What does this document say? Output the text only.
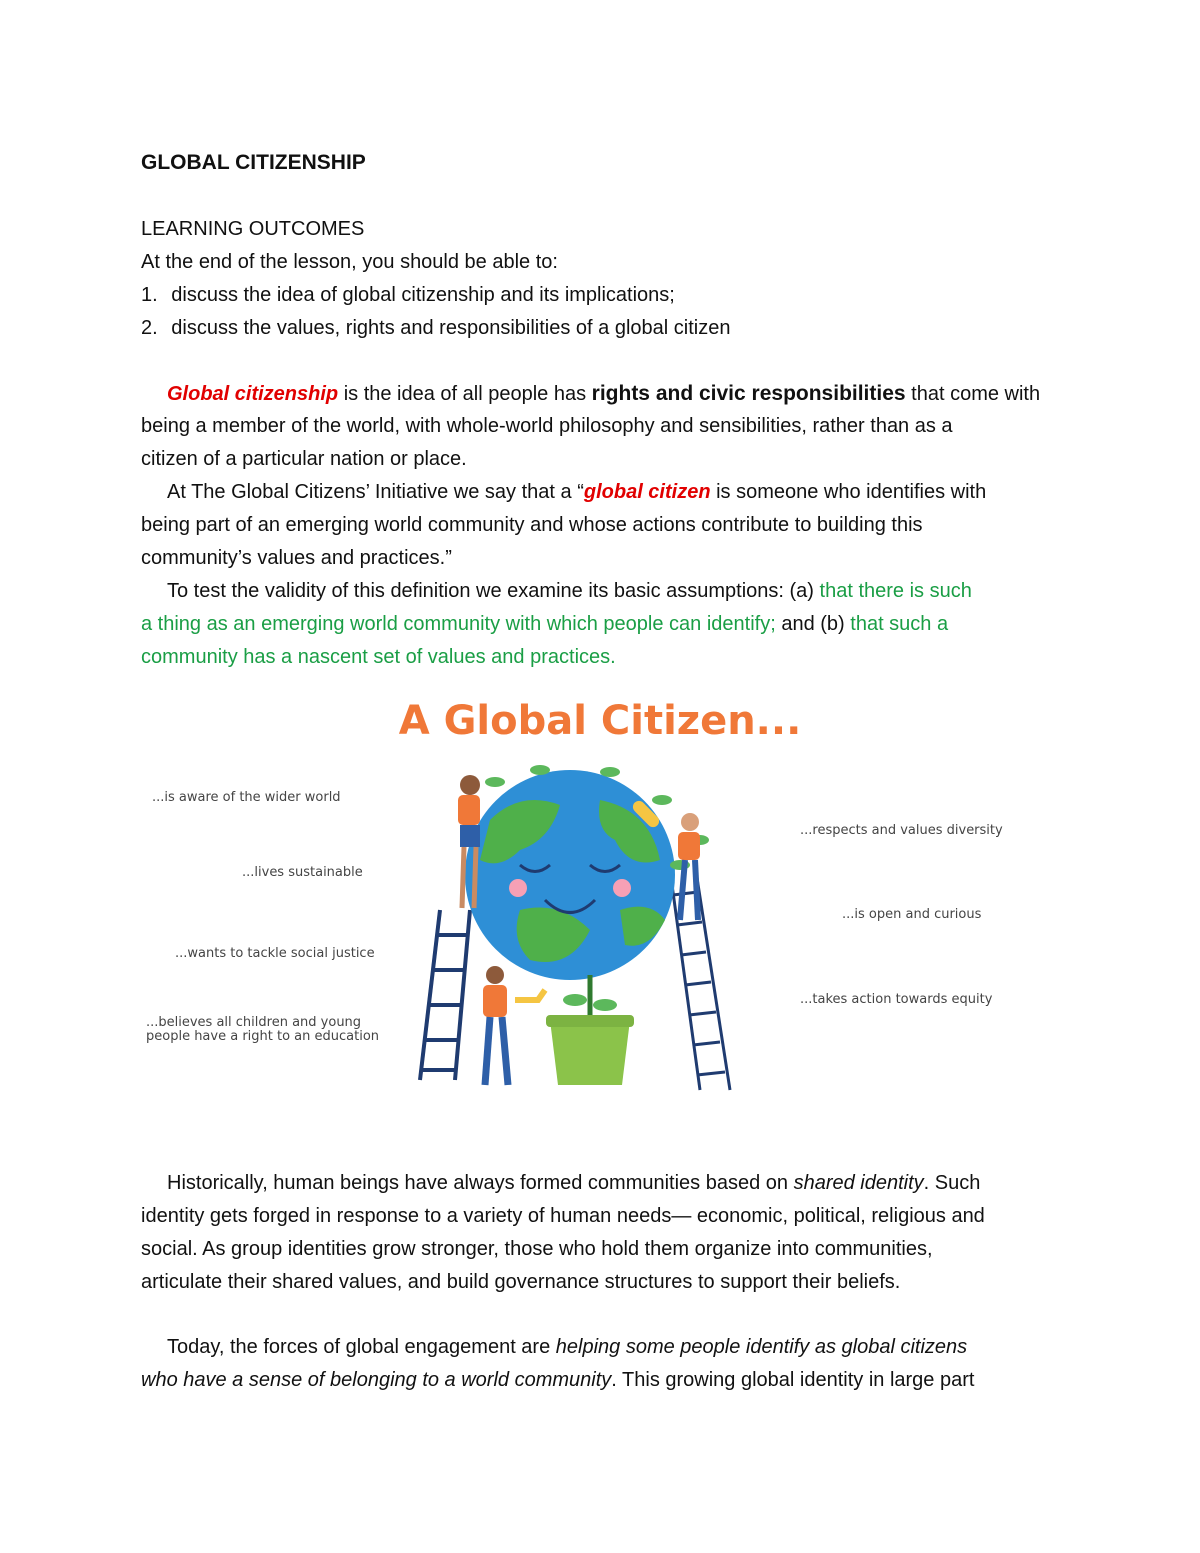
GLOBAL CITIZENSHIP
LEARNING OUTCOMES
At the end of the lesson, you should be able to:
1. discuss the idea of global citizenship and its implications;
2. discuss the values, rights and responsibilities of a global citizen
Global citizenship is the idea of all people has rights and civic responsibilities that come with
being a member of the world, with whole-world philosophy and sensibilities, rather than as a
citizen of a particular nation or place.
At The Global Citizens’ Initiative we say that a “global citizen is someone who identifies with
being part of an emerging world community and whose actions contribute to building this
community’s values and practices.”
To test the validity of this definition we examine its basic assumptions: (a) that there is such
a thing as an emerging world community with which people can identify; and (b) that such a
community has a nascent set of values and practices.
A Global Citizen...
...is aware of the wider world
...lives sustainable
...wants to tackle social justice
...believes all children and young
people have a right to an education
...respects and values diversity
...is open and curious
...takes action towards equity
Historically, human beings have always formed communities based on shared identity. Such
identity gets forged in response to a variety of human needs— economic, political, religious and
social. As group identities grow stronger, those who hold them organize into communities,
articulate their shared values, and build governance structures to support their beliefs.
Today, the forces of global engagement are helping some people identify as global citizens
who have a sense of belonging to a world community. This growing global identity in large part
